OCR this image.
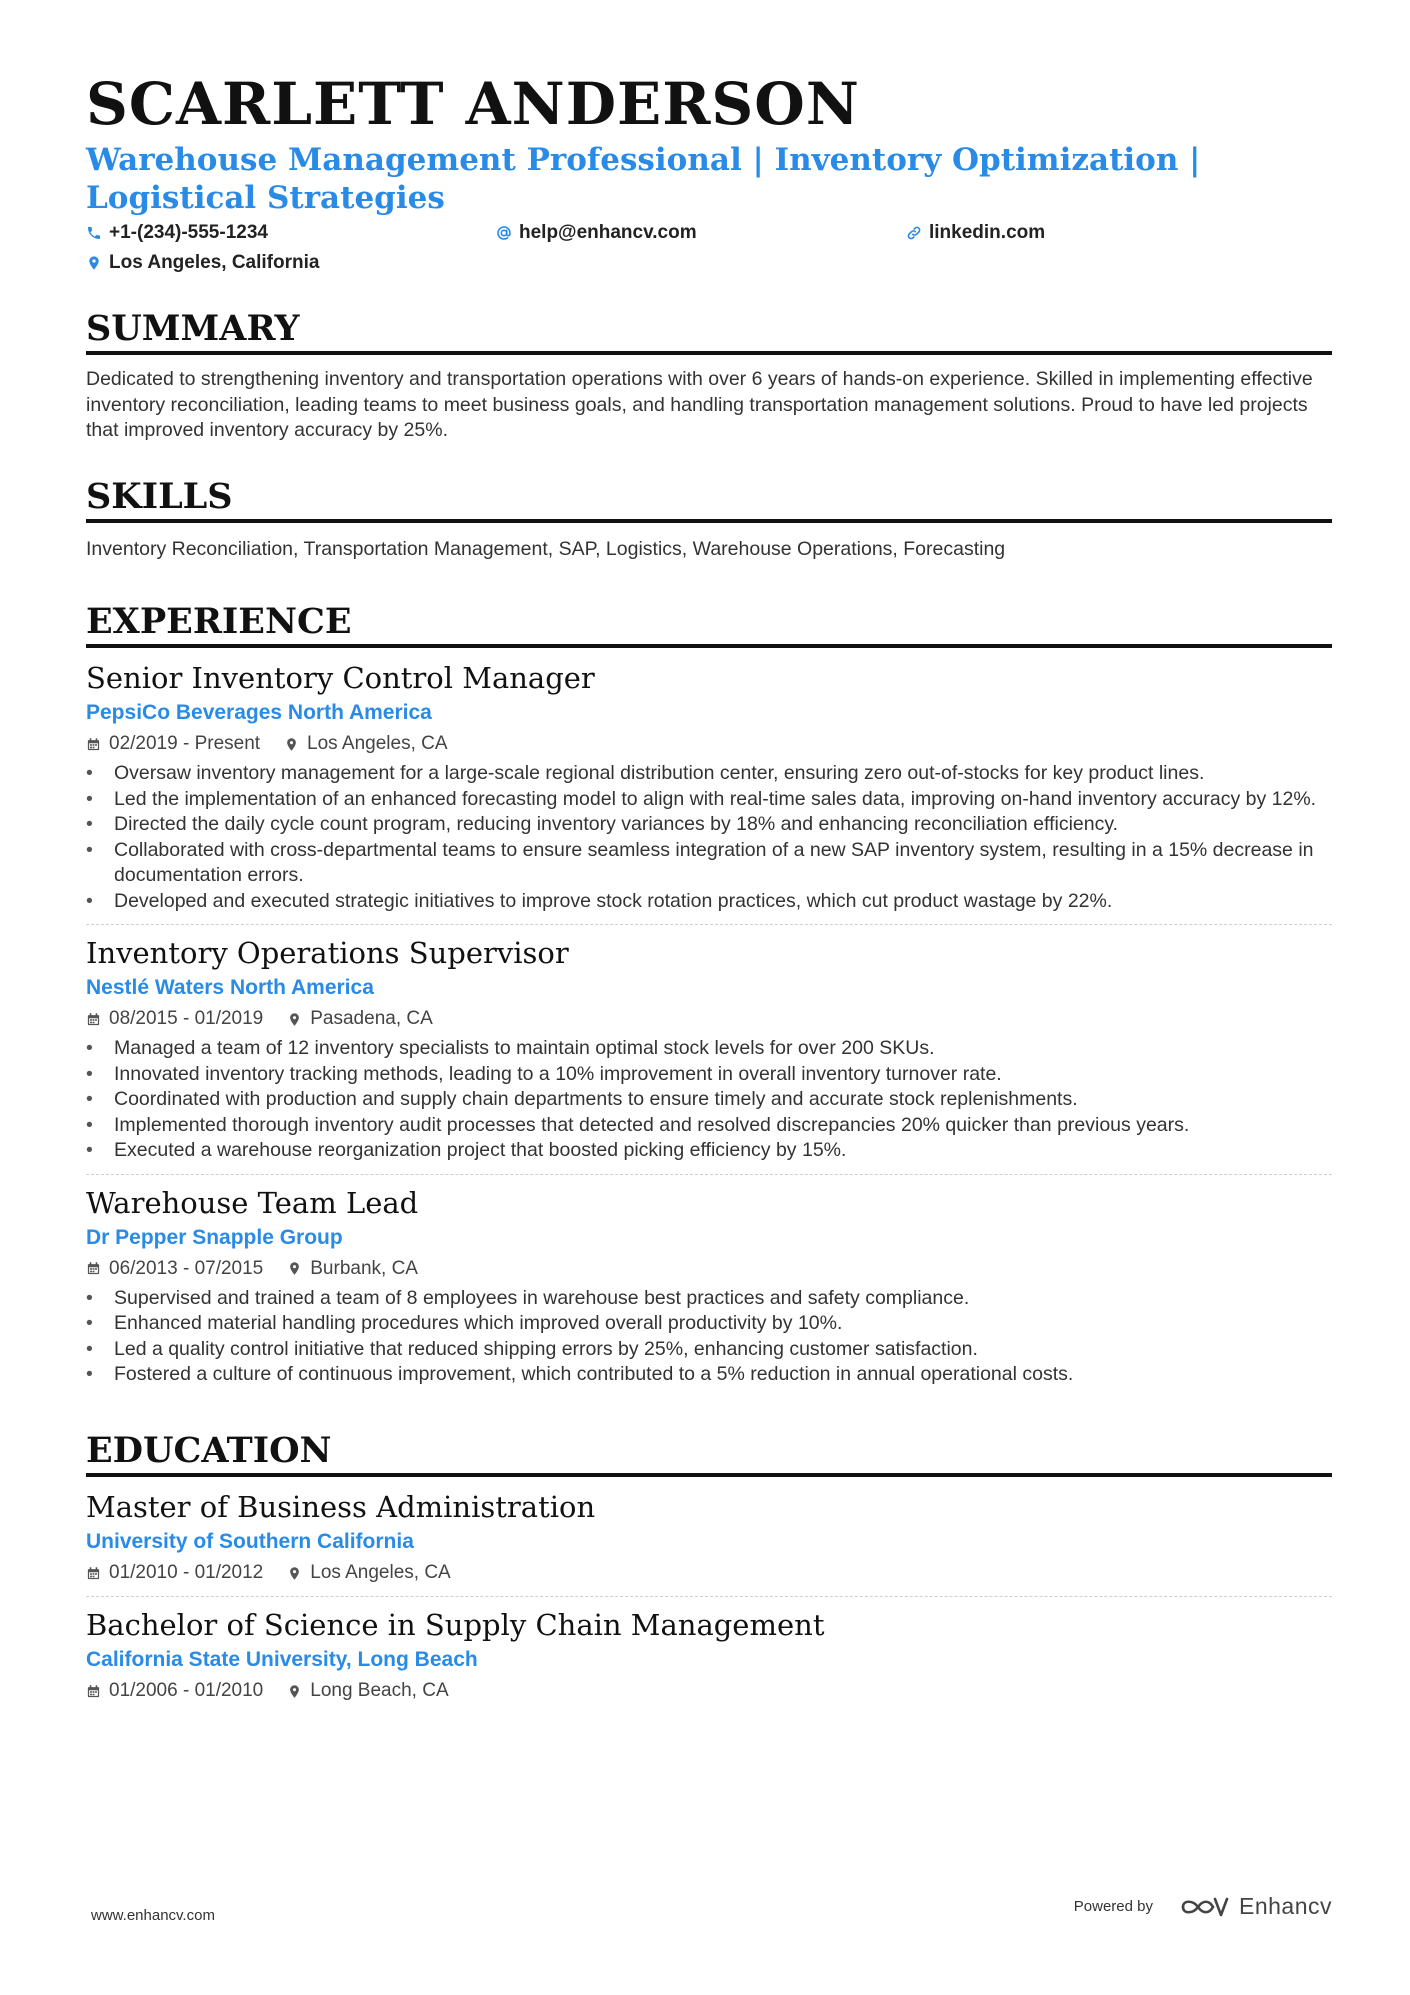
SCARLETT ANDERSON
Warehouse Management Professional | Inventory Optimization | Logistical Strategies
+1-(234)-555-1234	help@enhancv.com	linkedin.com
Los Angeles, California
SUMMARY
Dedicated to strengthening inventory and transportation operations with over 6 years of hands-on experience. Skilled in implementing effective inventory reconciliation, leading teams to meet business goals, and handling transportation management solutions. Proud to have led projects that improved inventory accuracy by 25%.
SKILLS
Inventory Reconciliation, Transportation Management, SAP, Logistics, Warehouse Operations, Forecasting
EXPERIENCE
Senior Inventory Control Manager
PepsiCo Beverages North America
02/2019 - Present Los Angeles, CA
• Oversaw inventory management for a large-scale regional distribution center, ensuring zero out-of-stocks for key product lines.
• Led the implementation of an enhanced forecasting model to align with real-time sales data, improving on-hand inventory accuracy by 12%.
• Directed the daily cycle count program, reducing inventory variances by 18% and enhancing reconciliation efficiency.
• Collaborated with cross-departmental teams to ensure seamless integration of a new SAP inventory system, resulting in a 15% decrease in documentation errors.
• Developed and executed strategic initiatives to improve stock rotation practices, which cut product wastage by 22%.
Inventory Operations Supervisor
Nestlé Waters North America
08/2015 - 01/2019 Pasadena, CA
• Managed a team of 12 inventory specialists to maintain optimal stock levels for over 200 SKUs.
• Innovated inventory tracking methods, leading to a 10% improvement in overall inventory turnover rate.
• Coordinated with production and supply chain departments to ensure timely and accurate stock replenishments.
• Implemented thorough inventory audit processes that detected and resolved discrepancies 20% quicker than previous years.
• Executed a warehouse reorganization project that boosted picking efficiency by 15%.
Warehouse Team Lead
Dr Pepper Snapple Group
06/2013 - 07/2015 Burbank, CA
• Supervised and trained a team of 8 employees in warehouse best practices and safety compliance.
• Enhanced material handling procedures which improved overall productivity by 10%.
• Led a quality control initiative that reduced shipping errors by 25%, enhancing customer satisfaction.
• Fostered a culture of continuous improvement, which contributed to a 5% reduction in annual operational costs.
EDUCATION
Master of Business Administration
University of Southern California
01/2010 - 01/2012 Los Angeles, CA
Bachelor of Science in Supply Chain Management
California State University, Long Beach
01/2006 - 01/2010 Long Beach, CA
www.enhancv.com
Powered by	Enhancv
